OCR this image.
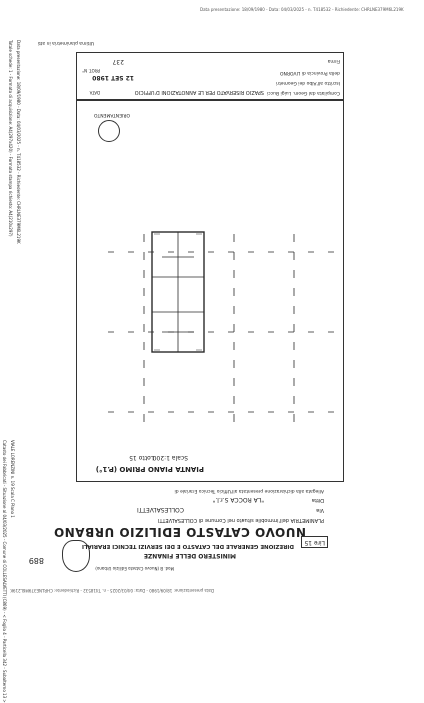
Data presentazione: 18/09/1980 - Data: 04/03/2025 - n. T418532 - Richiedente: CHRLNE379M6L219K
Data presentazione: 18/09/1980 - Data: 04/03/2025 - n. T418532 - Richiedente: CHRLNE379M6L219K
Mod. B (Nuovo Catasto Edilizio Urbano)
MINISTERO DELLE FINANZE
DIREZIONE GENERALE DEL CATASTO E DEI SERVIZI TECNICI ERARIALI
NUOVO CATASTO EDILIZIO URBANO
Lire 15
889
PLANIMETRIA dell'immobile situato nel Comune di COLLESALVETTI
Via
Ditta
"LA ROCCA S.r.l."
Allegata alla dichiarazione presentata all'Ufficio Tecnico Erariale di
COLLESALVETTI
PIANTA PIANO PRIMO (P.1°)
Scala 1:200
Lotto 15
ORIENTAMENTO
SPAZIO RISERVATO PER LE ANNOTAZIONI D'UFFICIO
12 SET 1980
DATA
PROT. N°
237
Compilata dal Geom. Luigi Bucci
Iscritto all'Albo dei Geometri
della Provincia di LIVORNO
Firma
Ultima planimetria in atti
Data presentazione: 18/09/1980 - Data: 04/03/2025 - n. T418532 - Richiedente: CHRLNE379M6L219K
Totale schede: 1 - Formato di acquisizione: A4(297x420) - Formato stampa richiesto: A4(210x297)
Catasto dei Fabbricati - Situazione al 04/03/2025 - Comune di COLLESALVETTI (C869) - < Foglio 4 - Particella 342 - Subalterno 13 > VIALE LORENZINI n. 19 Scala C Piano 1
